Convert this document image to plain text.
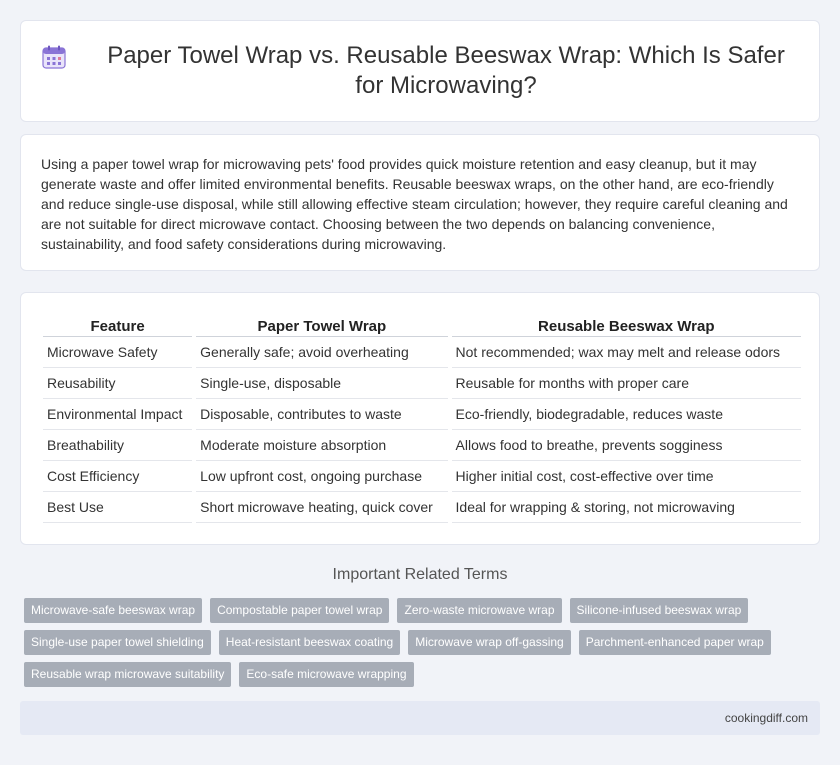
Paper Towel Wrap vs. Reusable Beeswax Wrap: Which Is Safer for Microwaving?

Using a paper towel wrap for microwaving pets' food provides quick moisture retention and easy cleanup, but it may generate waste and offer limited environmental benefits. Reusable beeswax wraps, on the other hand, are eco-friendly and reduce single-use disposal, while still allowing effective steam circulation; however, they require careful cleaning and are not suitable for direct microwave contact. Choosing between the two depends on balancing convenience, sustainability, and food safety considerations during microwaving.

Feature	Paper Towel Wrap	Reusable Beeswax Wrap
Microwave Safety	Generally safe; avoid overheating	Not recommended; wax may melt and release odors
Reusability	Single-use, disposable	Reusable for months with proper care
Environmental Impact	Disposable, contributes to waste	Eco-friendly, biodegradable, reduces waste
Breathability	Moderate moisture absorption	Allows food to breathe, prevents sogginess
Cost Efficiency	Low upfront cost, ongoing purchase	Higher initial cost, cost-effective over time
Best Use	Short microwave heating, quick cover	Ideal for wrapping & storing, not microwaving
Important Related Terms
Microwave-safe beeswax wrap	Compostable paper towel wrap	Zero-waste microwave wrap	Silicone-infused beeswax wrap
Single-use paper towel shielding	Heat-resistant beeswax coating	Microwave wrap off-gassing	Parchment-enhanced paper wrap
Reusable wrap microwave suitability	Eco-safe microwave wrapping
cookingdiff.com
